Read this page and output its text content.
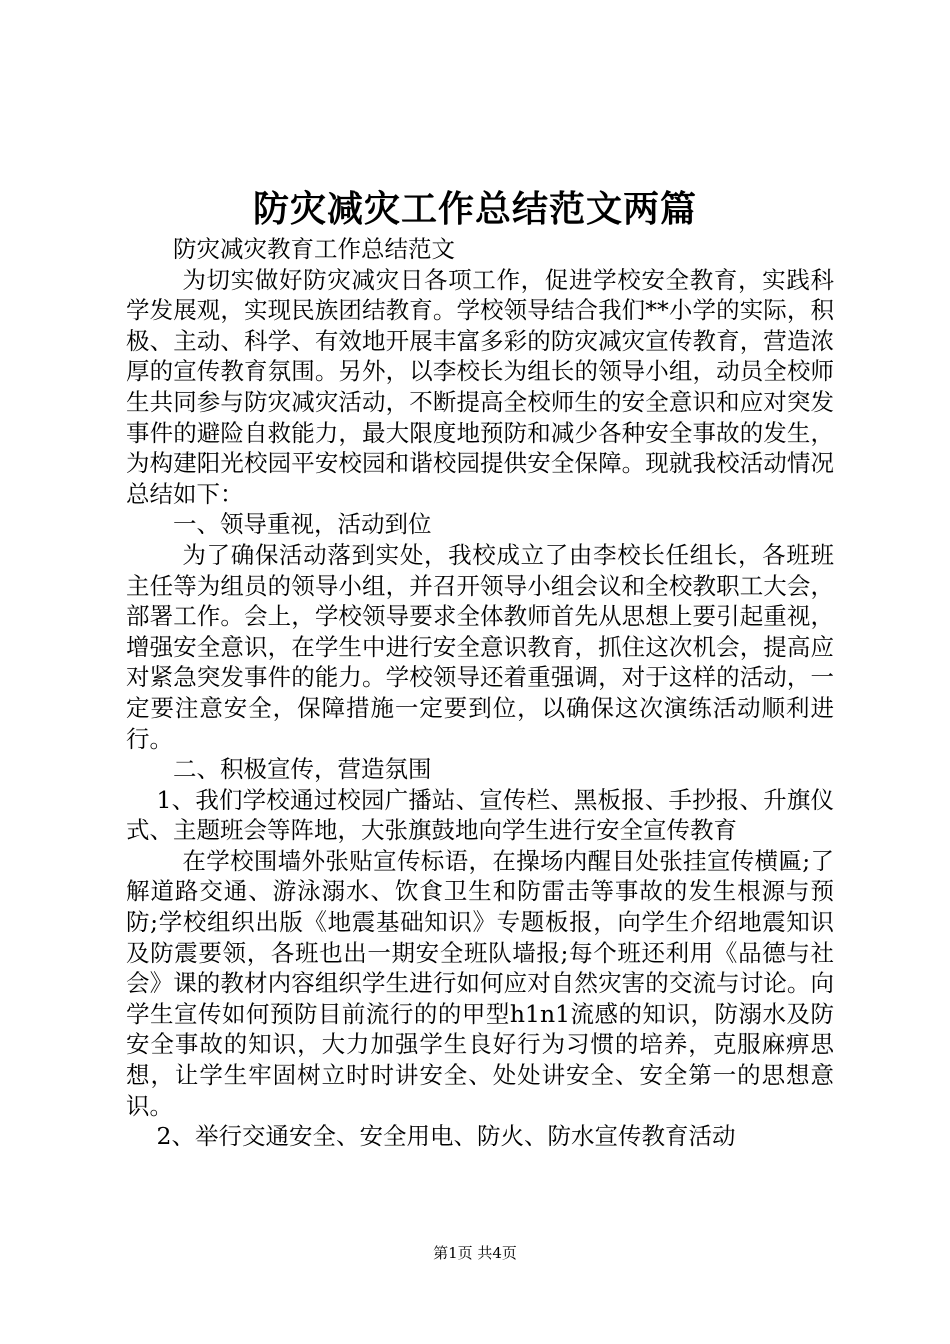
防灾减灾工作总结范文两篇

防灾减灾教育工作总结范文

为切实做好防灾减灾日各项工作，促进学校安全教育，实践科学发展观，实现民族团结教育。学校领导结合我们**小学的实际，积极、主动、科学、有效地开展丰富多彩的防灾减灾宣传教育，营造浓厚的宣传教育氛围。另外，以李校长为组长的领导小组，动员全校师生共同参与防灾减灾活动，不断提高全校师生的安全意识和应对突发事件的避险自救能力，最大限度地预防和减少各种安全事故的发生，为构建阳光校园平安校园和谐校园提供安全保障。现就我校活动情况总结如下：

一、领导重视，活动到位

为了确保活动落到实处，我校成立了由李校长任组长，各班班主任等为组员的领导小组，并召开领导小组会议和全校教职工大会，部署工作。会上，学校领导要求全体教师首先从思想上要引起重视，增强安全意识，在学生中进行安全意识教育，抓住这次机会，提高应对紧急突发事件的能力。学校领导还着重强调，对于这样的活动，一定要注意安全，保障措施一定要到位，以确保这次演练活动顺利进行。

二、积极宣传，营造氛围

1、我们学校通过校园广播站、宣传栏、黑板报、手抄报、升旗仪式、主题班会等阵地，大张旗鼓地向学生进行安全宣传教育

在学校围墙外张贴宣传标语，在操场内醒目处张挂宣传横匾;了解道路交通、游泳溺水、饮食卫生和防雷击等事故的发生根源与预防;学校组织出版《地震基础知识》专题板报，向学生介绍地震知识及防震要领，各班也出一期安全班队墙报;每个班还利用《品德与社会》课的教材内容组织学生进行如何应对自然灾害的交流与讨论。向学生宣传如何预防目前流行的的甲型h1n1流感的知识，防溺水及防安全事故的知识，大力加强学生良好行为习惯的培养，克服麻痹思想，让学生牢固树立时时讲安全、处处讲安全、安全第一的思想意识。

2、举行交通安全、安全用电、防火、防水宣传教育活动

第1页 共4页
